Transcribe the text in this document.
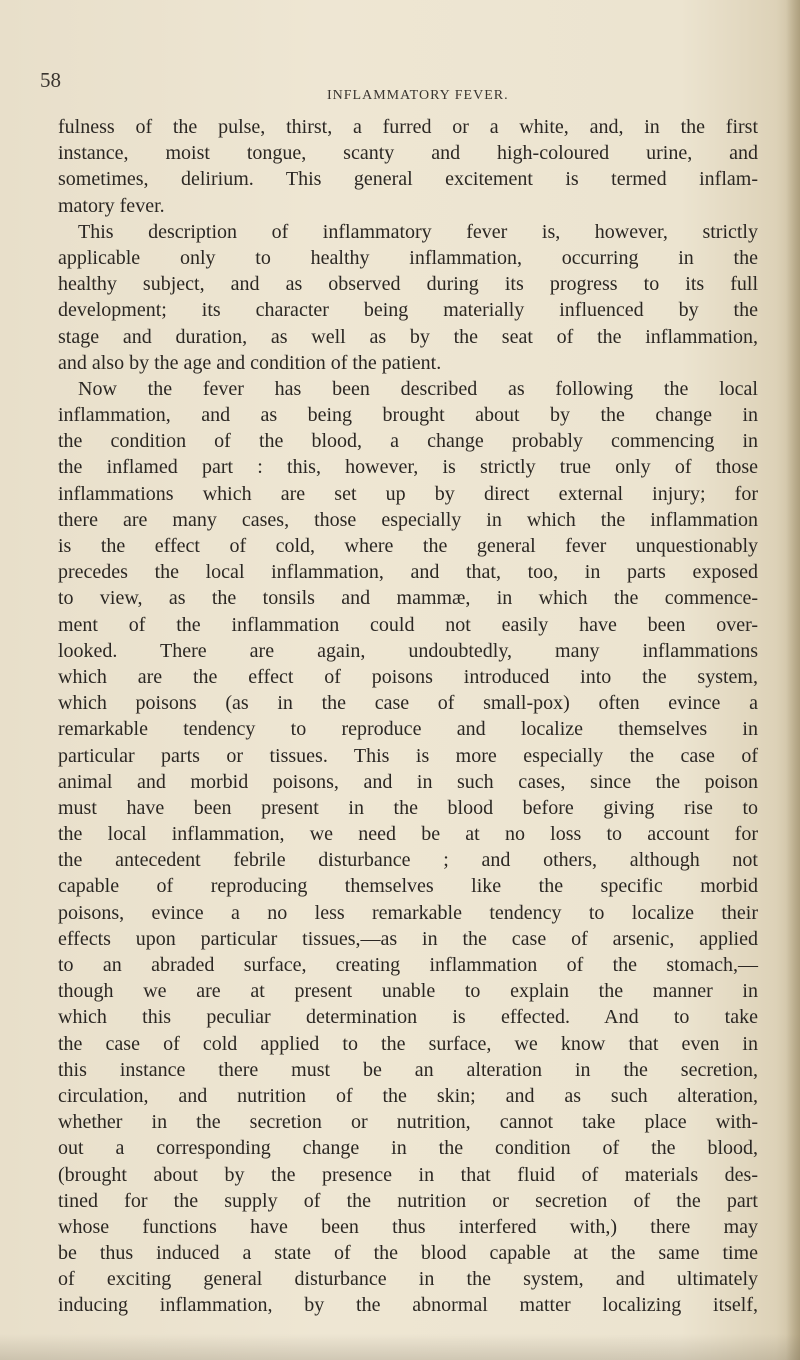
58
INFLAMMATORY FEVER.
fulness of the pulse, thirst, a furred or a white, and, in the first
instance, moist tongue, scanty and high-coloured urine, and
sometimes, delirium. This general excitement is termed inflam-
matory fever.
This description of inflammatory fever is, however, strictly
applicable only to healthy inflammation, occurring in the
healthy subject, and as observed during its progress to its full
development; its character being materially influenced by the
stage and duration, as well as by the seat of the inflammation,
and also by the age and condition of the patient.
Now the fever has been described as following the local
inflammation, and as being brought about by the change in
the condition of the blood, a change probably commencing in
the inflamed part : this, however, is strictly true only of those
inflammations which are set up by direct external injury; for
there are many cases, those especially in which the inflammation
is the effect of cold, where the general fever unquestionably
precedes the local inflammation, and that, too, in parts exposed
to view, as the tonsils and mammæ, in which the commence-
ment of the inflammation could not easily have been over-
looked. There are again, undoubtedly, many inflammations
which are the effect of poisons introduced into the system,
which poisons (as in the case of small-pox) often evince a
remarkable tendency to reproduce and localize themselves in
particular parts or tissues. This is more especially the case of
animal and morbid poisons, and in such cases, since the poison
must have been present in the blood before giving rise to
the local inflammation, we need be at no loss to account for
the antecedent febrile disturbance ; and others, although not
capable of reproducing themselves like the specific morbid
poisons, evince a no less remarkable tendency to localize their
effects upon particular tissues,—as in the case of arsenic, applied
to an abraded surface, creating inflammation of the stomach,—
though we are at present unable to explain the manner in
which this peculiar determination is effected. And to take
the case of cold applied to the surface, we know that even in
this instance there must be an alteration in the secretion,
circulation, and nutrition of the skin; and as such alteration,
whether in the secretion or nutrition, cannot take place with-
out a corresponding change in the condition of the blood,
(brought about by the presence in that fluid of materials des-
tined for the supply of the nutrition or secretion of the part
whose functions have been thus interfered with,) there may
be thus induced a state of the blood capable at the same time
of exciting general disturbance in the system, and ultimately
inducing inflammation, by the abnormal matter localizing itself,
